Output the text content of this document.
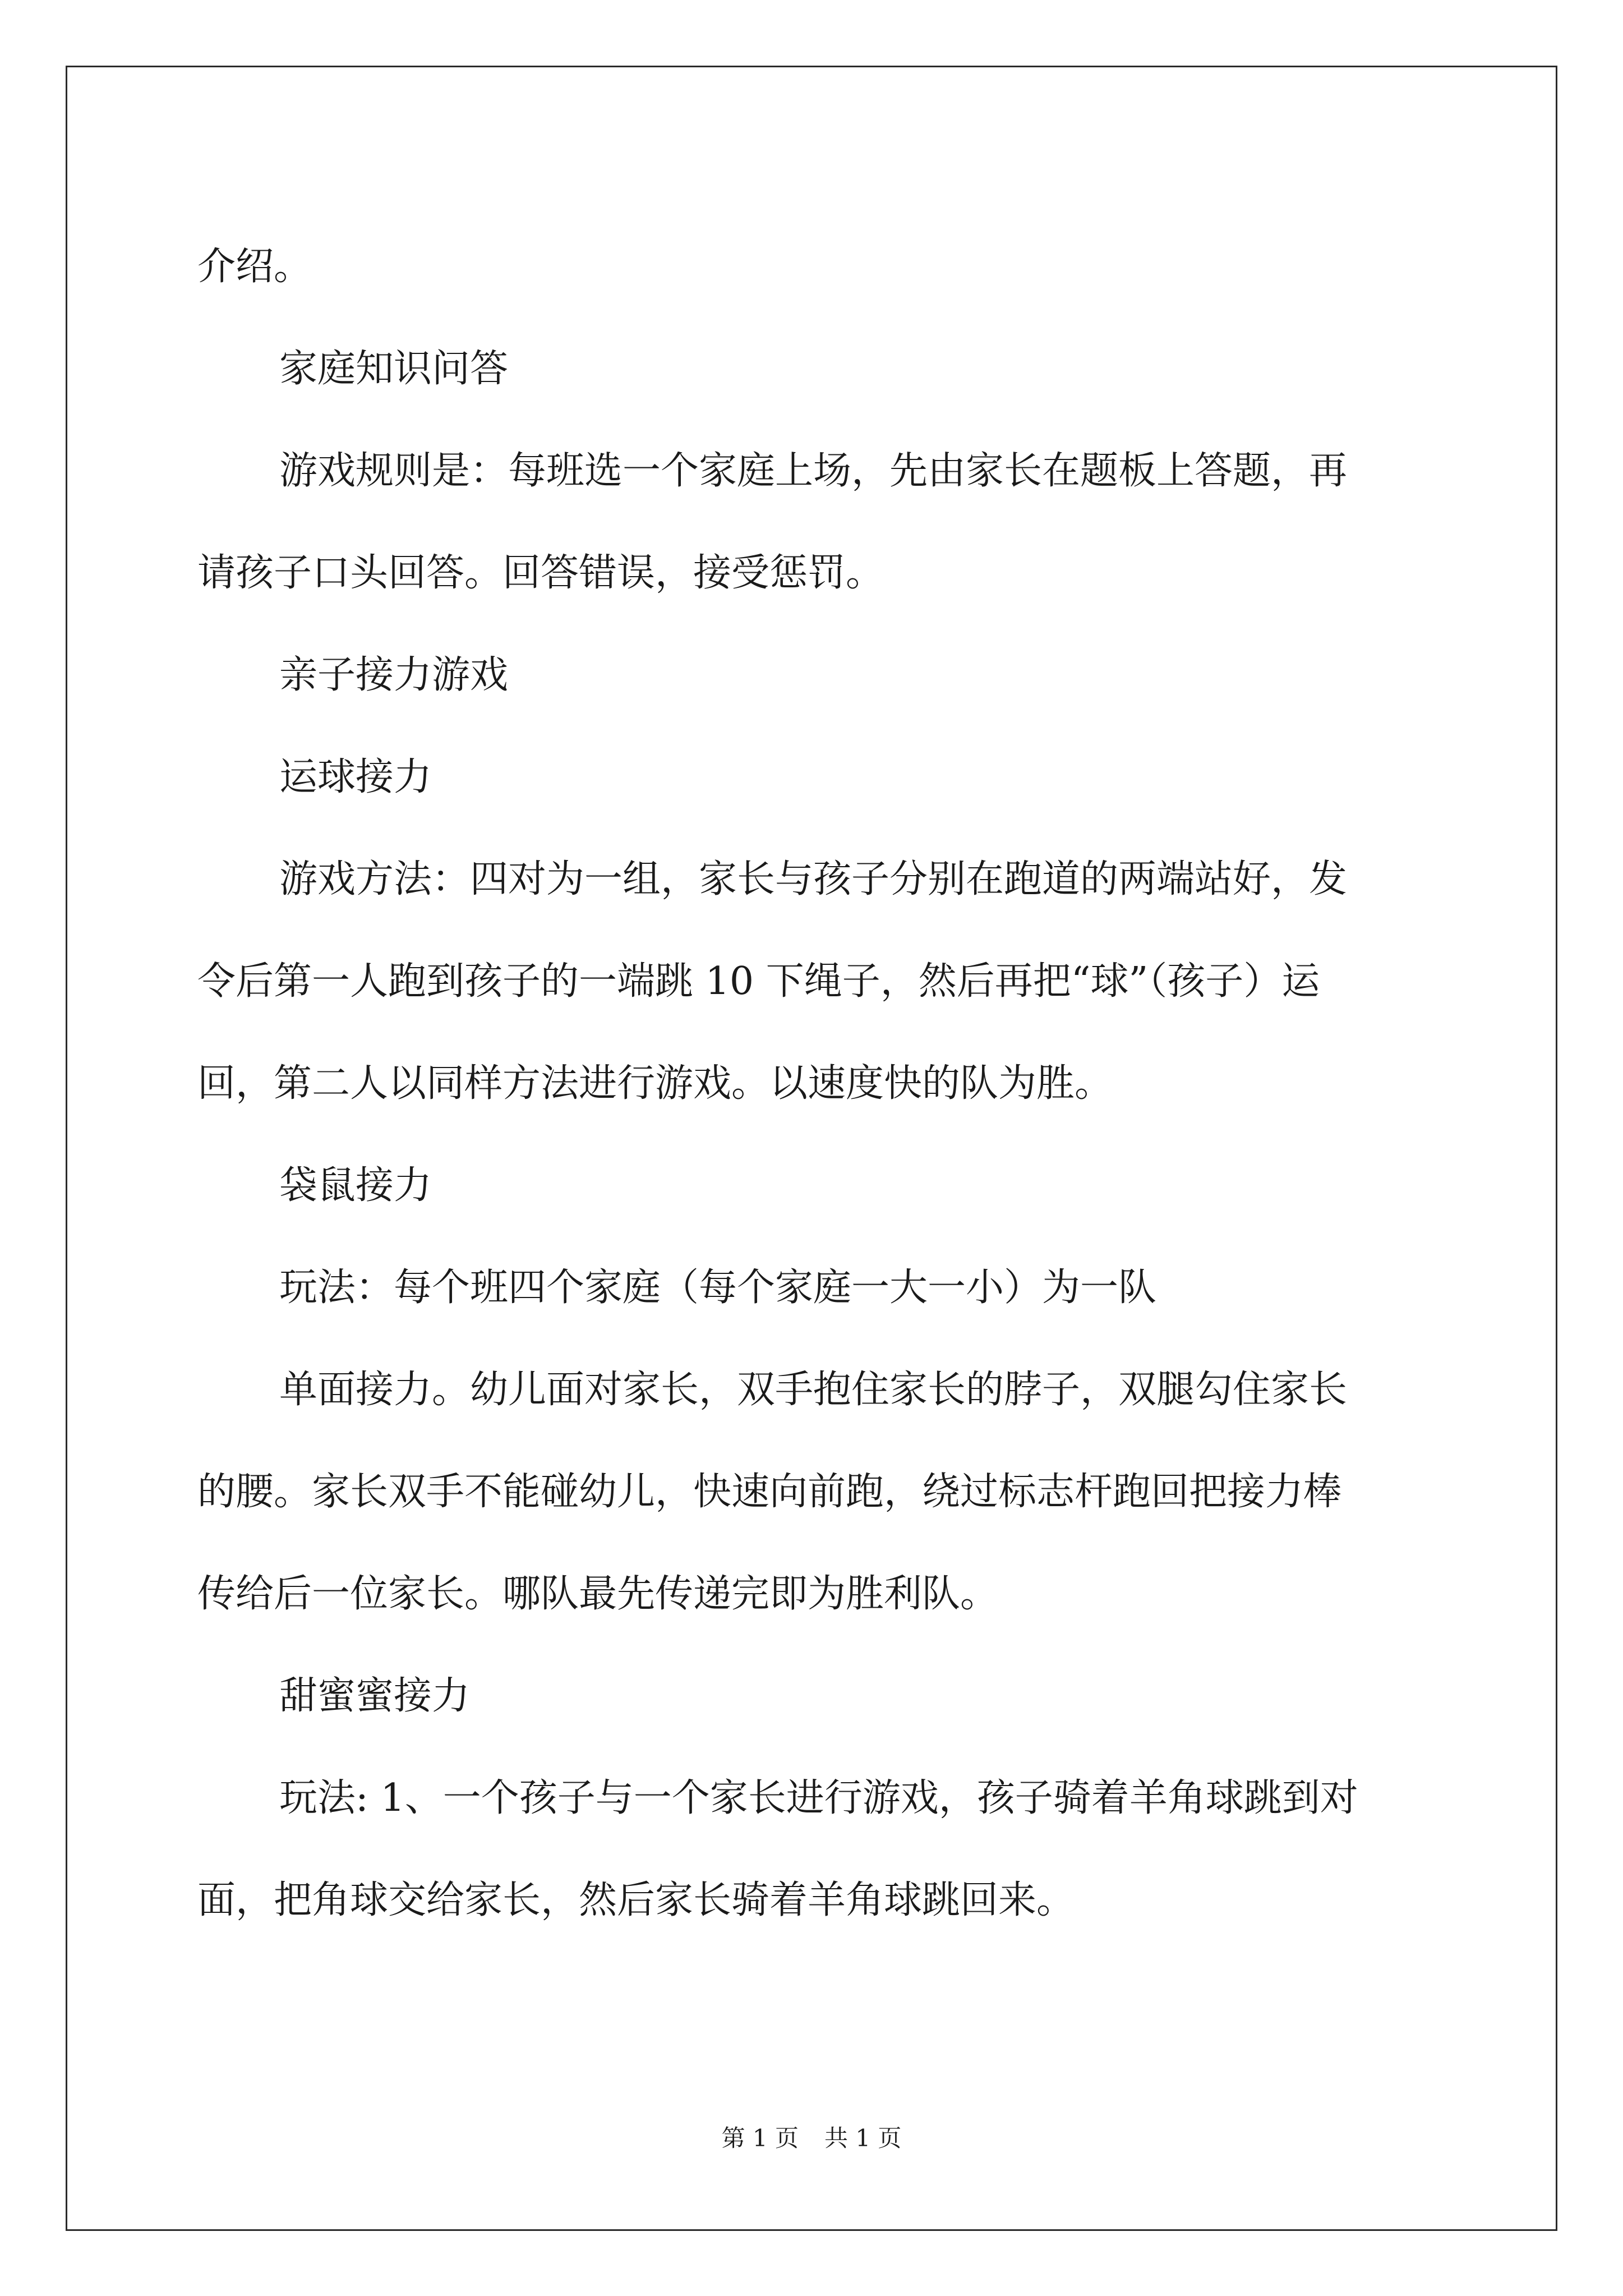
介绍。

家庭知识问答

游戏规则是：每班选一个家庭上场，先由家长在题板上答题，再
请孩子口头回答。回答错误，接受惩罚。

亲子接力游戏

运球接力

游戏方法：四对为一组，家长与孩子分别在跑道的两端站好，发
令后第一人跑到孩子的一端跳 10 下绳子，然后再把“球”（孩子）运
回，第二人以同样方法进行游戏。以速度快的队为胜。

袋鼠接力

玩法：每个班四个家庭（每个家庭一大一小）为一队

单面接力。幼儿面对家长，双手抱住家长的脖子，双腿勾住家长
的腰。家长双手不能碰幼儿，快速向前跑，绕过标志杆跑回把接力棒
传给后一位家长。哪队最先传递完即为胜利队。

甜蜜蜜接力

玩法: 1、一个孩子与一个家长进行游戏，孩子骑着羊角球跳到对
面，把角球交给家长，然后家长骑着羊角球跳回来。

第 1 页 共 1 页
